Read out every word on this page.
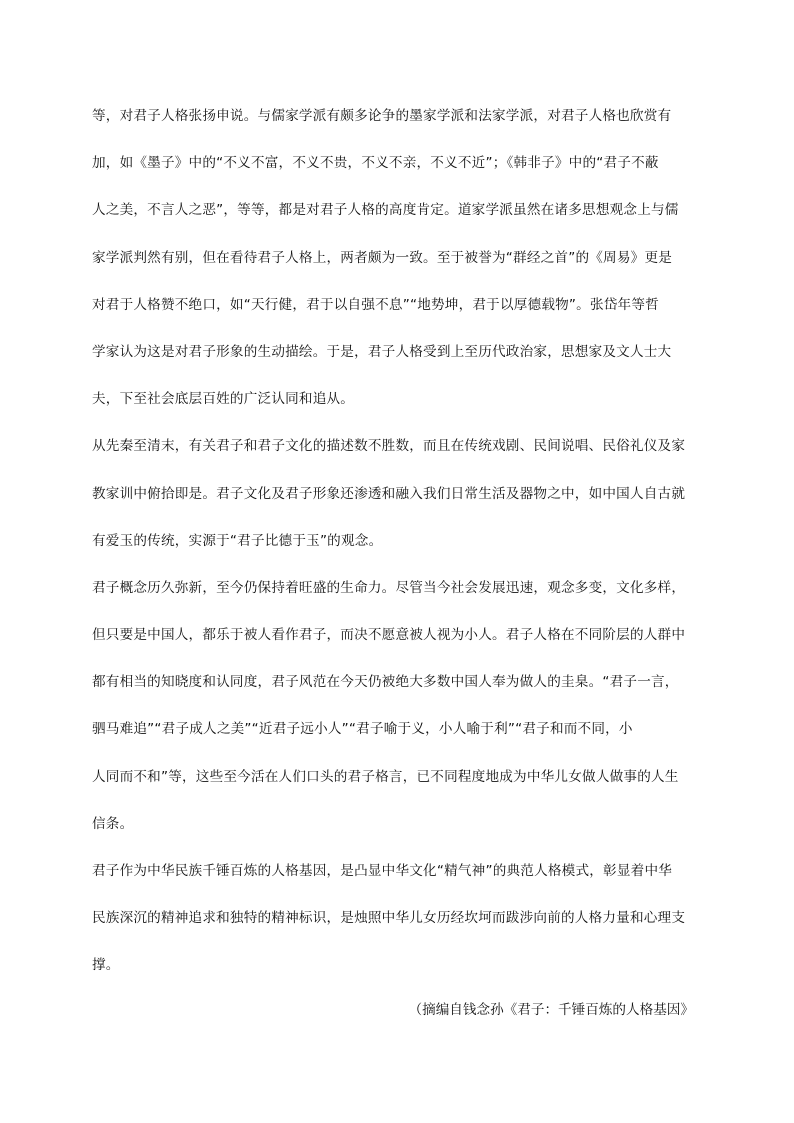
等，对君子人格张扬申说。与儒家学派有颇多论争的墨家学派和法家学派，对君子人格也欣赏有
加，如《墨子》中的“不义不富，不义不贵，不义不亲，不义不近”；《韩非子》中的“君子不蔽
人之美，不言人之恶”，等等，都是对君子人格的高度肯定。道家学派虽然在诸多思想观念上与儒
家学派判然有别，但在看待君子人格上，两者颇为一致。至于被誉为“群经之首”的《周易》更是
对君于人格赞不绝口，如“天行健，君于以自强不息”“地势坤，君于以厚德载物”。张岱年等哲
学家认为这是对君子形象的生动描绘。于是，君子人格受到上至历代政治家，思想家及文人士大
夫，下至社会底层百姓的广泛认同和追从。
从先秦至清末，有关君子和君子文化的描述数不胜数，而且在传统戏剧、民间说唱、民俗礼仪及家
教家训中俯拾即是。君子文化及君子形象还渗透和融入我们日常生活及器物之中，如中国人自古就
有爱玉的传统，实源于“君子比德于玉”的观念。
君子概念历久弥新，至今仍保持着旺盛的生命力。尽管当今社会发展迅速，观念多变，文化多样，
但只要是中国人，都乐于被人看作君子，而决不愿意被人视为小人。君子人格在不同阶层的人群中
都有相当的知晓度和认同度，君子风范在今天仍被绝大多数中国人奉为做人的圭臬。“君子一言，
驷马难追”“君子成人之美”“近君子远小人”“君子喻于义，小人喻于利”“君子和而不同，小
人同而不和”等，这些至今活在人们口头的君子格言，已不同程度地成为中华儿女做人做事的人生
信条。
君子作为中华民族千锤百炼的人格基因，是凸显中华文化“精气神”的典范人格模式，彰显着中华
民族深沉的精神追求和独特的精神标识，是烛照中华儿女历经坎坷而跋涉向前的人格力量和心理支
撑。
（摘编自钱念孙《君子：千锤百炼的人格基因》
